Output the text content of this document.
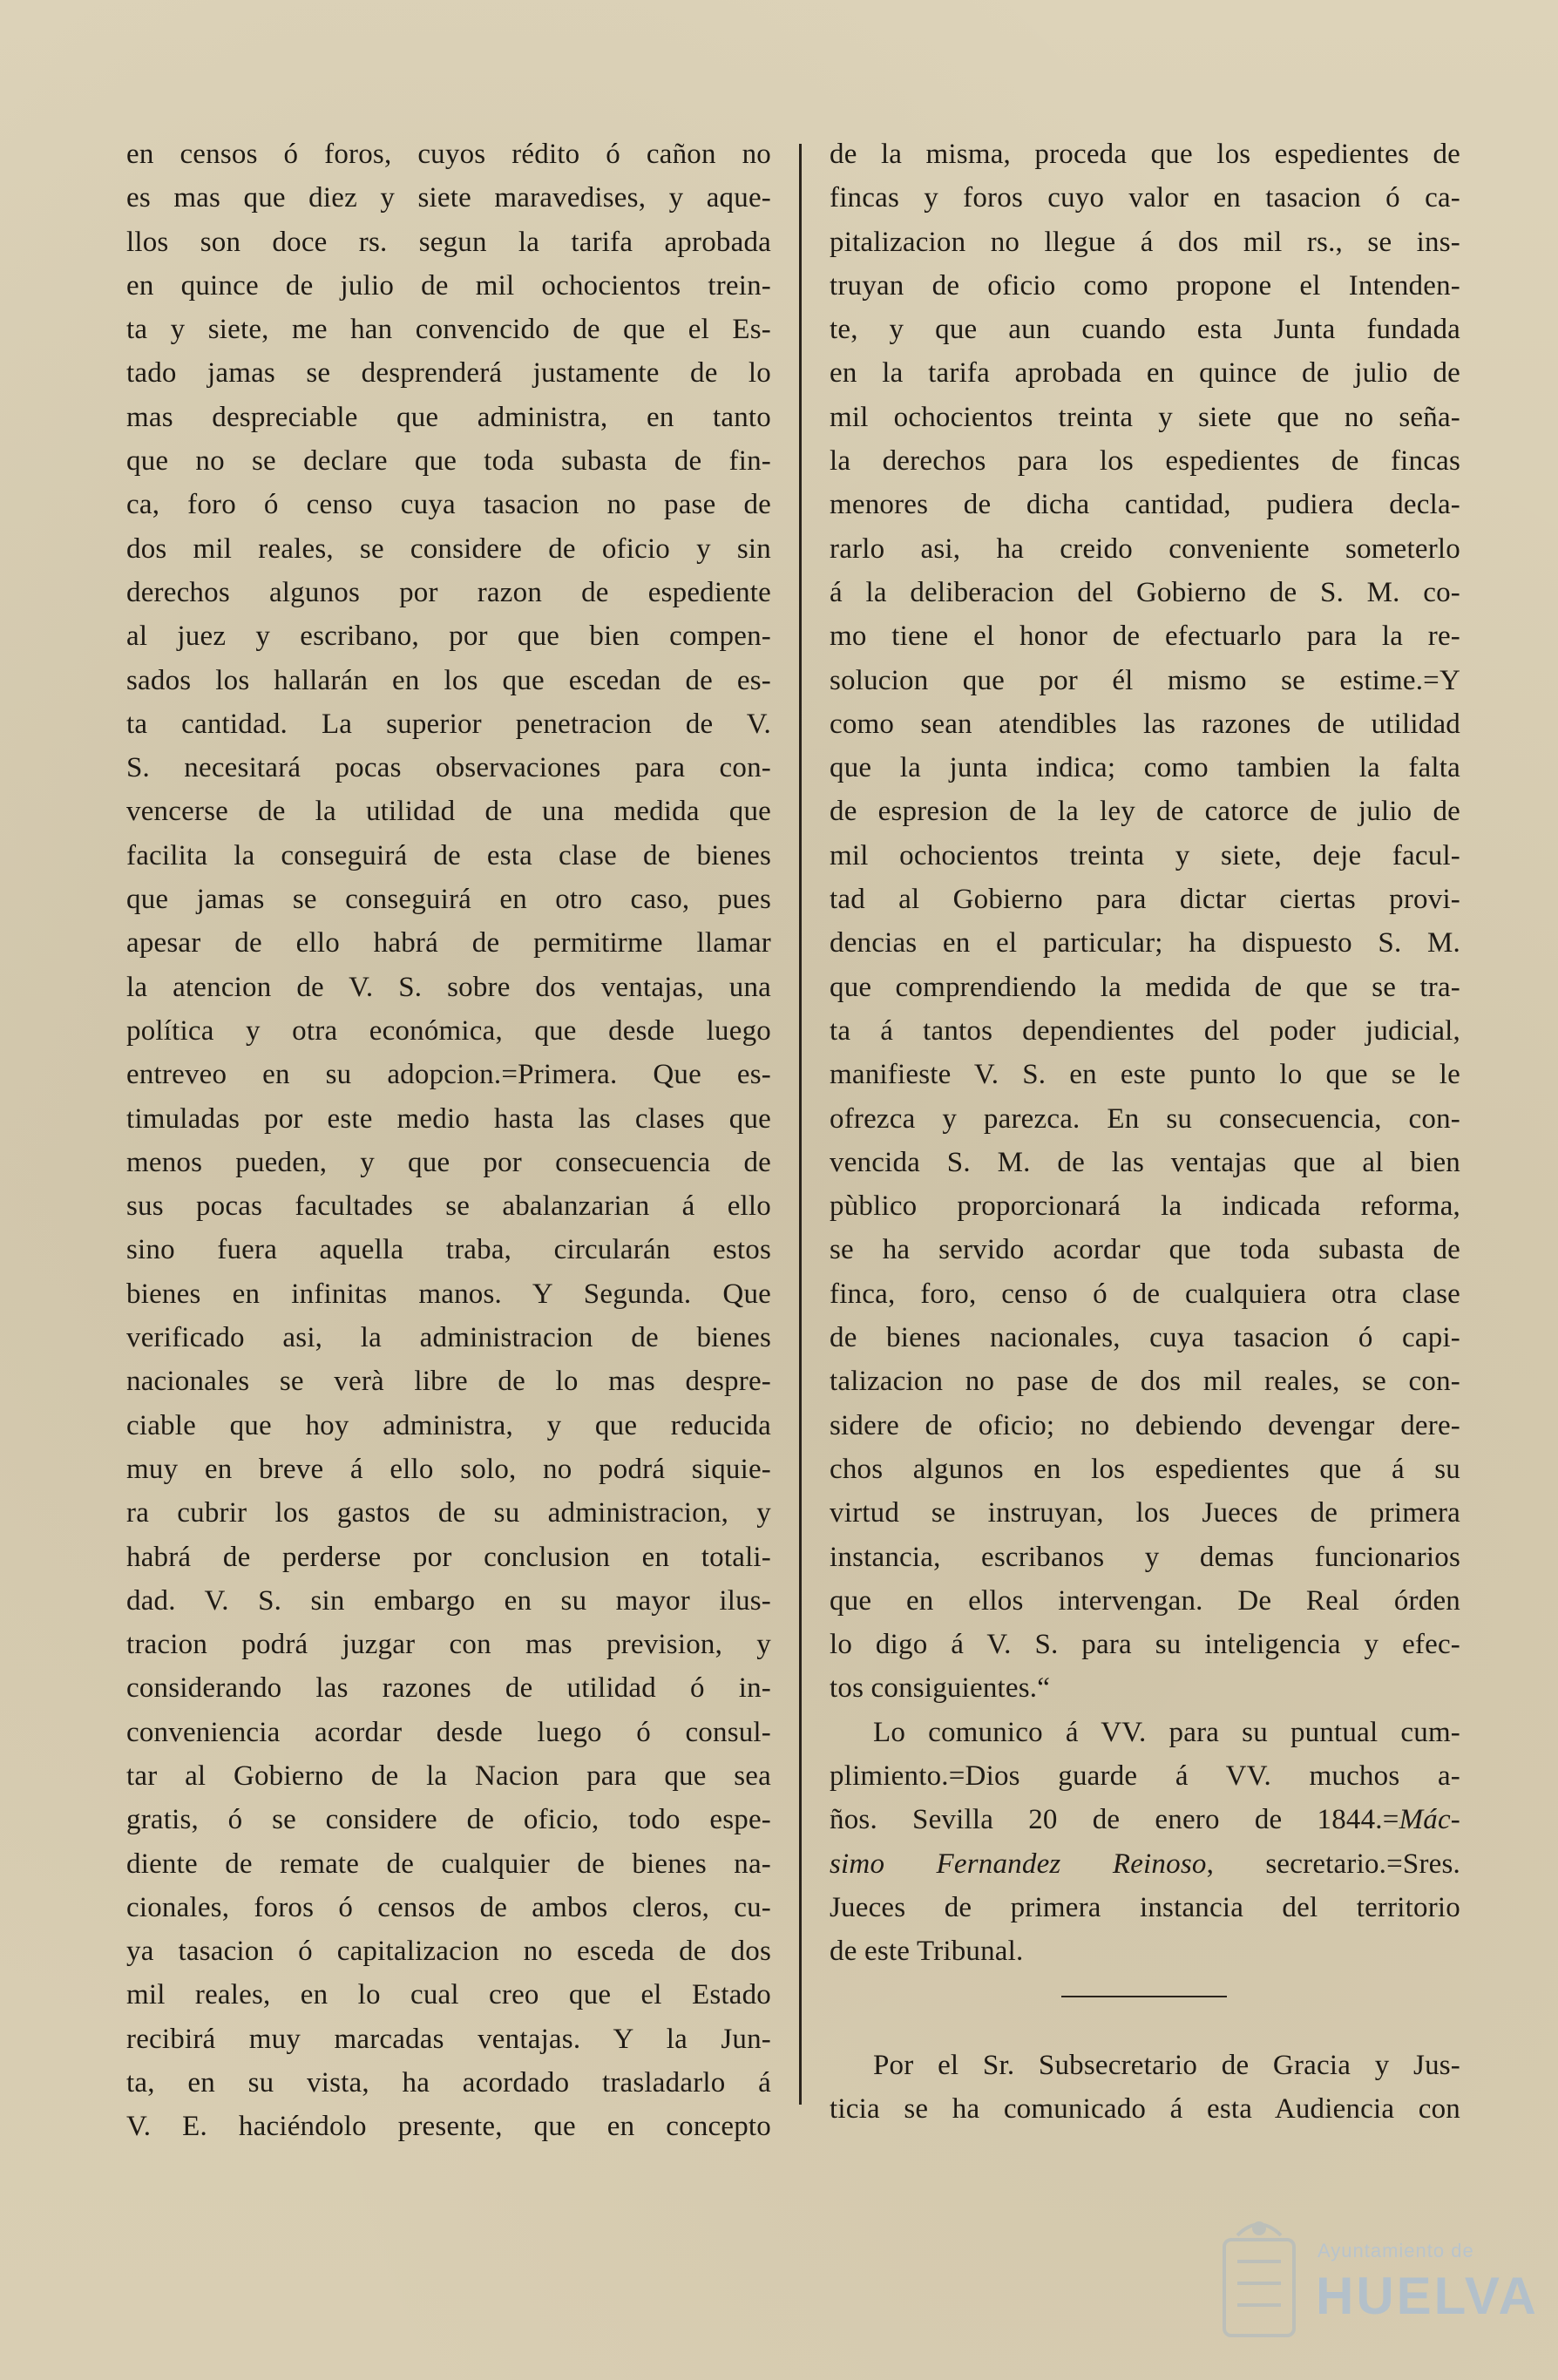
en censos ó foros, cuyos rédito ó cañon no
es mas que diez y siete maravedises, y aque-
llos son doce rs. segun la tarifa aprobada
en quince de julio de mil ochocientos trein-
ta y siete, me han convencido de que el Es-
tado jamas se desprenderá justamente de lo
mas despreciable que administra, en tanto
que no se declare que toda subasta de fin-
ca, foro ó censo cuya tasacion no pase de
dos mil reales, se considere de oficio y sin
derechos algunos por razon de espediente
al juez y escribano, por que bien compen-
sados los hallarán en los que escedan de es-
ta cantidad. La superior penetracion de V.
S. necesitará pocas observaciones para con-
vencerse de la utilidad de una medida que
facilita la conseguirá de esta clase de bienes
que jamas se conseguirá en otro caso, pues
apesar de ello habrá de permitirme llamar
la atencion de V. S. sobre dos ventajas, una
política y otra económica, que desde luego
entreveo en su adopcion.=Primera. Que es-
timuladas por este medio hasta las clases que
menos pueden, y que por consecuencia de
sus pocas facultades se abalanzarian á ello
sino fuera aquella traba, circularán estos
bienes en infinitas manos. Y Segunda. Que
verificado asi, la administracion de bienes
nacionales se verà libre de lo mas despre-
ciable que hoy administra, y que reducida
muy en breve á ello solo, no podrá siquie-
ra cubrir los gastos de su administracion, y
habrá de perderse por conclusion en totali-
dad. V. S. sin embargo en su mayor ilus-
tracion podrá juzgar con mas prevision, y
considerando las razones de utilidad ó in-
conveniencia acordar desde luego ó consul-
tar al Gobierno de la Nacion para que sea
gratis, ó se considere de oficio, todo espe-
diente de remate de cualquier de bienes na-
cionales, foros ó censos de ambos cleros, cu-
ya tasacion ó capitalizacion no esceda de dos
mil reales, en lo cual creo que el Estado
recibirá muy marcadas ventajas. Y la Jun-
ta, en su vista, ha acordado trasladarlo á
V. E. haciéndolo presente, que en concepto
de la misma, proceda que los espedientes de
fincas y foros cuyo valor en tasacion ó ca-
pitalizacion no llegue á dos mil rs., se ins-
truyan de oficio como propone el Intenden-
te, y que aun cuando esta Junta fundada
en la tarifa aprobada en quince de julio de
mil ochocientos treinta y siete que no seña-
la derechos para los espedientes de fincas
menores de dicha cantidad, pudiera decla-
rarlo asi, ha creido conveniente someterlo
á la deliberacion del Gobierno de S. M. co-
mo tiene el honor de efectuarlo para la re-
solucion que por él mismo se estime.=Y
como sean atendibles las razones de utilidad
que la junta indica; como tambien la falta
de espresion de la ley de catorce de julio de
mil ochocientos treinta y siete, deje facul-
tad al Gobierno para dictar ciertas provi-
dencias en el particular; ha dispuesto S. M.
que comprendiendo la medida de que se tra-
ta á tantos dependientes del poder judicial,
manifieste V. S. en este punto lo que se le
ofrezca y parezca. En su consecuencia, con-
vencida S. M. de las ventajas que al bien
pùblico proporcionará la indicada reforma,
se ha servido acordar que toda subasta de
finca, foro, censo ó de cualquiera otra clase
de bienes nacionales, cuya tasacion ó capi-
talizacion no pase de dos mil reales, se con-
sidere de oficio; no debiendo devengar dere-
chos algunos en los espedientes que á su
virtud se instruyan, los Jueces de primera
instancia, escribanos y demas funcionarios
que en ellos intervengan. De Real órden
lo digo á V. S. para su inteligencia y efec-
tos consiguientes.“
Lo comunico á VV. para su puntual cum-
plimiento.=Dios guarde á VV. muchos a-
ños. Sevilla 20 de enero de 1844.=Mác-
simo Fernandez Reinoso, secretario.=Sres.
Jueces de primera instancia del territorio
de este Tribunal.
Por el Sr. Subsecretario de Gracia y Jus-
ticia se ha comunicado á esta Audiencia con
Ayuntamiento de
HUELVA
